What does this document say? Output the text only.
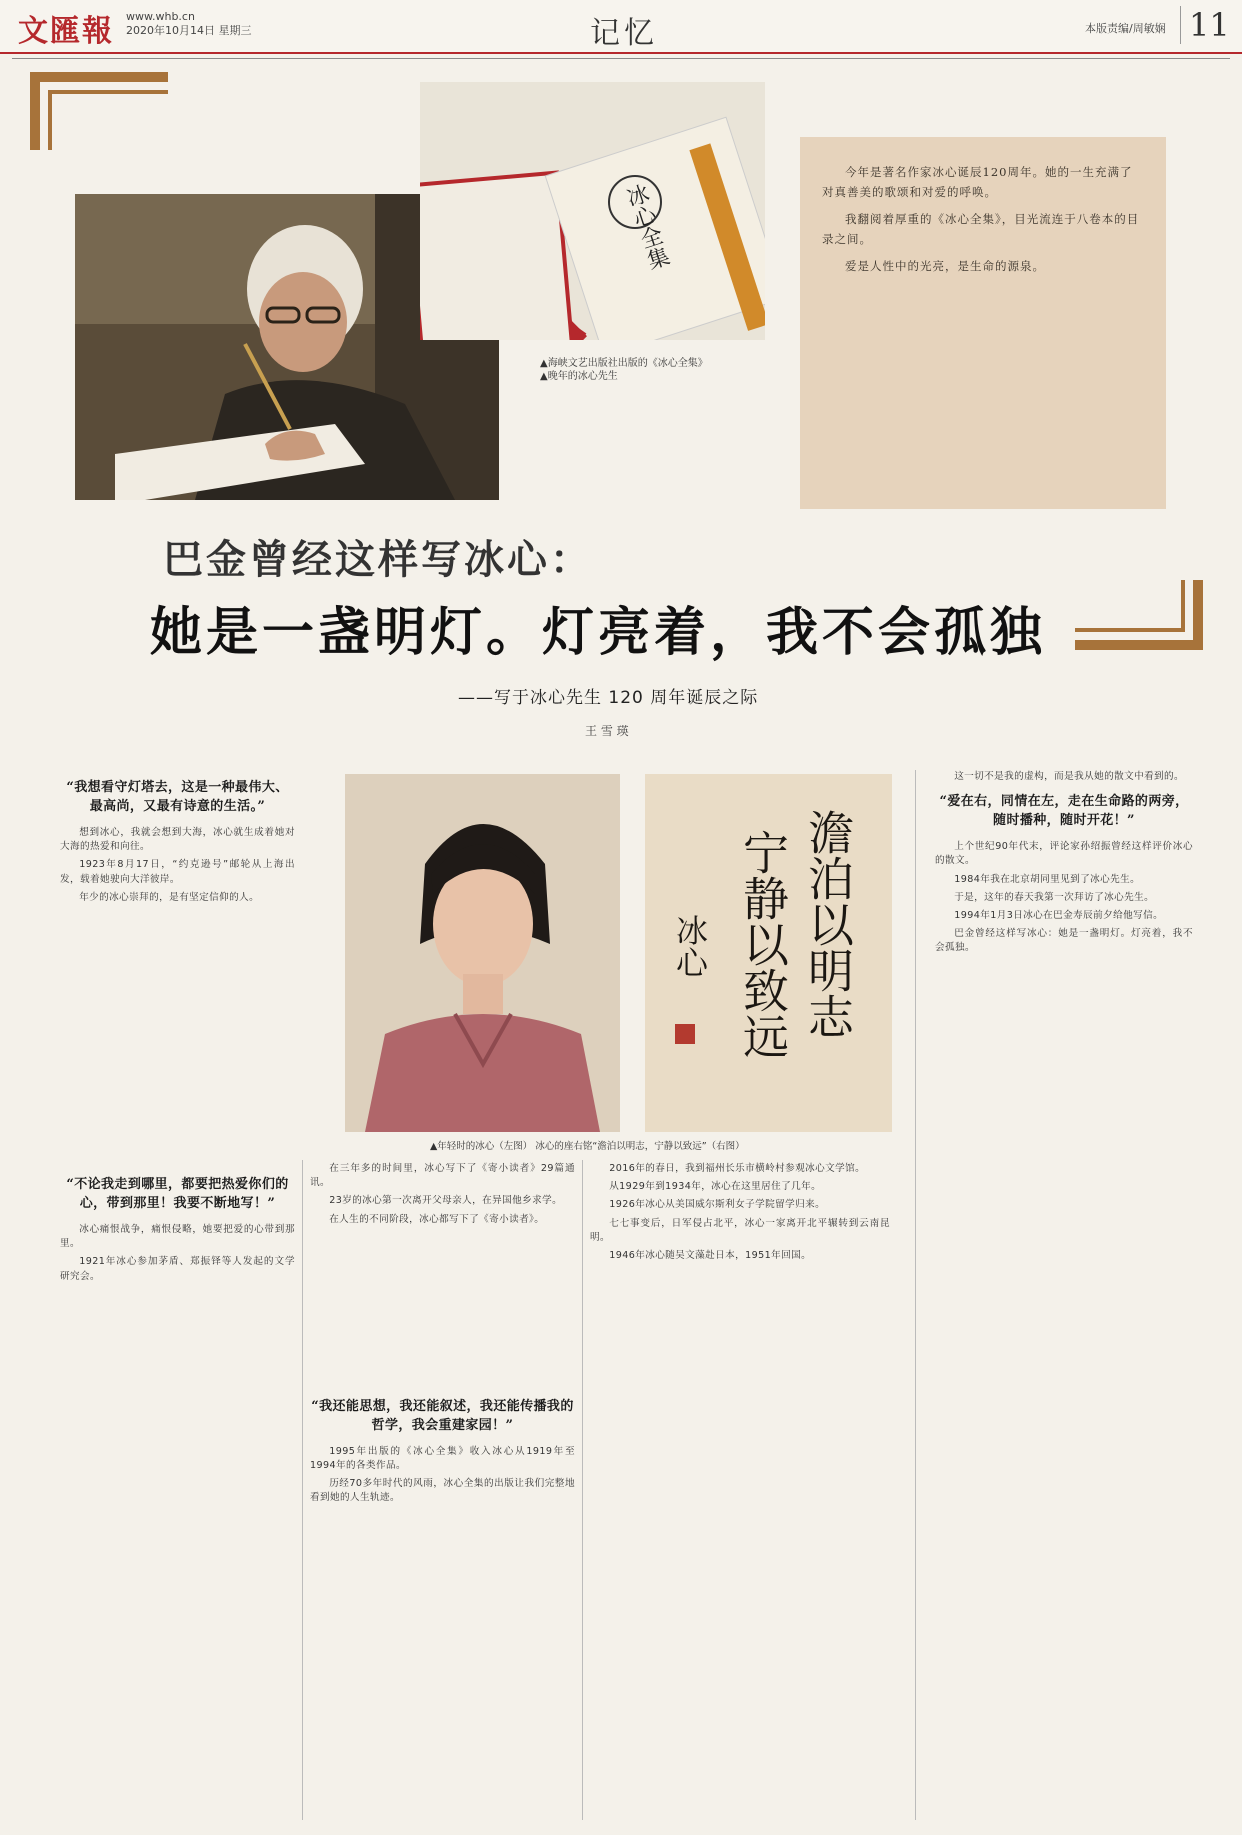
文匯報 www.whb.cn
2020年10月14日 星期三	记忆	本版责编/周敏娴 11
冰心全集
▲海峡文艺出版社出版的《冰心全集》
▲晚年的冰心先生

今年是著名作家冰心诞辰120周年。她的一生充满了对真善美的歌颂和对爱的呼唤。

我翻阅着厚重的《冰心全集》，目光流连于八卷本的目录之间。

爱是人性中的光亮，是生命的源泉。

巴金曾经这样写冰心：
她是一盏明灯。灯亮着，我不会孤独
——写于冰心先生 120 周年诞辰之际
王 雪 瑛
“我想看守灯塔去，这是一种最伟大、最高尚，又最有诗意的生活。”

想到冰心，我就会想到大海，冰心就生成着她对大海的热爱和向往。

1923年8月17日，“约克逊号”邮轮从上海出发，载着她驶向大洋彼岸。

年少的冰心崇拜的，是有坚定信仰的人。

“不论我走到哪里，都要把热爱你们的心，带到那里！我要不断地写！”

冰心痛恨战争，痛恨侵略，她要把爱的心带到那里。

1921年冰心参加茅盾、郑振铎等人发起的文学研究会。

澹泊以明志
宁静以致远
冰心
▲年轻时的冰心（左图） 冰心的座右铭“澹泊以明志，宁静以致远”（右图）

在三年多的时间里，冰心写下了《寄小读者》29篇通讯。

23岁的冰心第一次离开父母亲人，在异国他乡求学。

在人生的不同阶段，冰心都写下了《寄小读者》。

“我还能思想，我还能叙述，我还能传播我的哲学，我会重建家园！”

1995年出版的《冰心全集》收入冰心从1919年至1994年的各类作品。

历经70多年时代的风雨，冰心全集的出版让我们完整地看到她的人生轨迹。

2016年的春日，我到福州长乐市横岭村参观冰心文学馆。

从1929年到1934年，冰心在这里居住了几年。

1926年冰心从美国威尔斯利女子学院留学归来。

七七事变后，日军侵占北平，冰心一家离开北平辗转到云南昆明。

1946年冰心随吴文藻赴日本，1951年回国。

这一切不是我的虚构，而是我从她的散文中看到的。

“爱在右，同情在左，走在生命路的两旁，随时播种，随时开花！”

上个世纪90年代末，评论家孙绍振曾经这样评价冰心的散文。

1984年我在北京胡同里见到了冰心先生。

于是，这年的春天我第一次拜访了冰心先生。

1994年1月3日冰心在巴金寿辰前夕给他写信。

巴金曾经这样写冰心：她是一盏明灯。灯亮着，我不会孤独。
